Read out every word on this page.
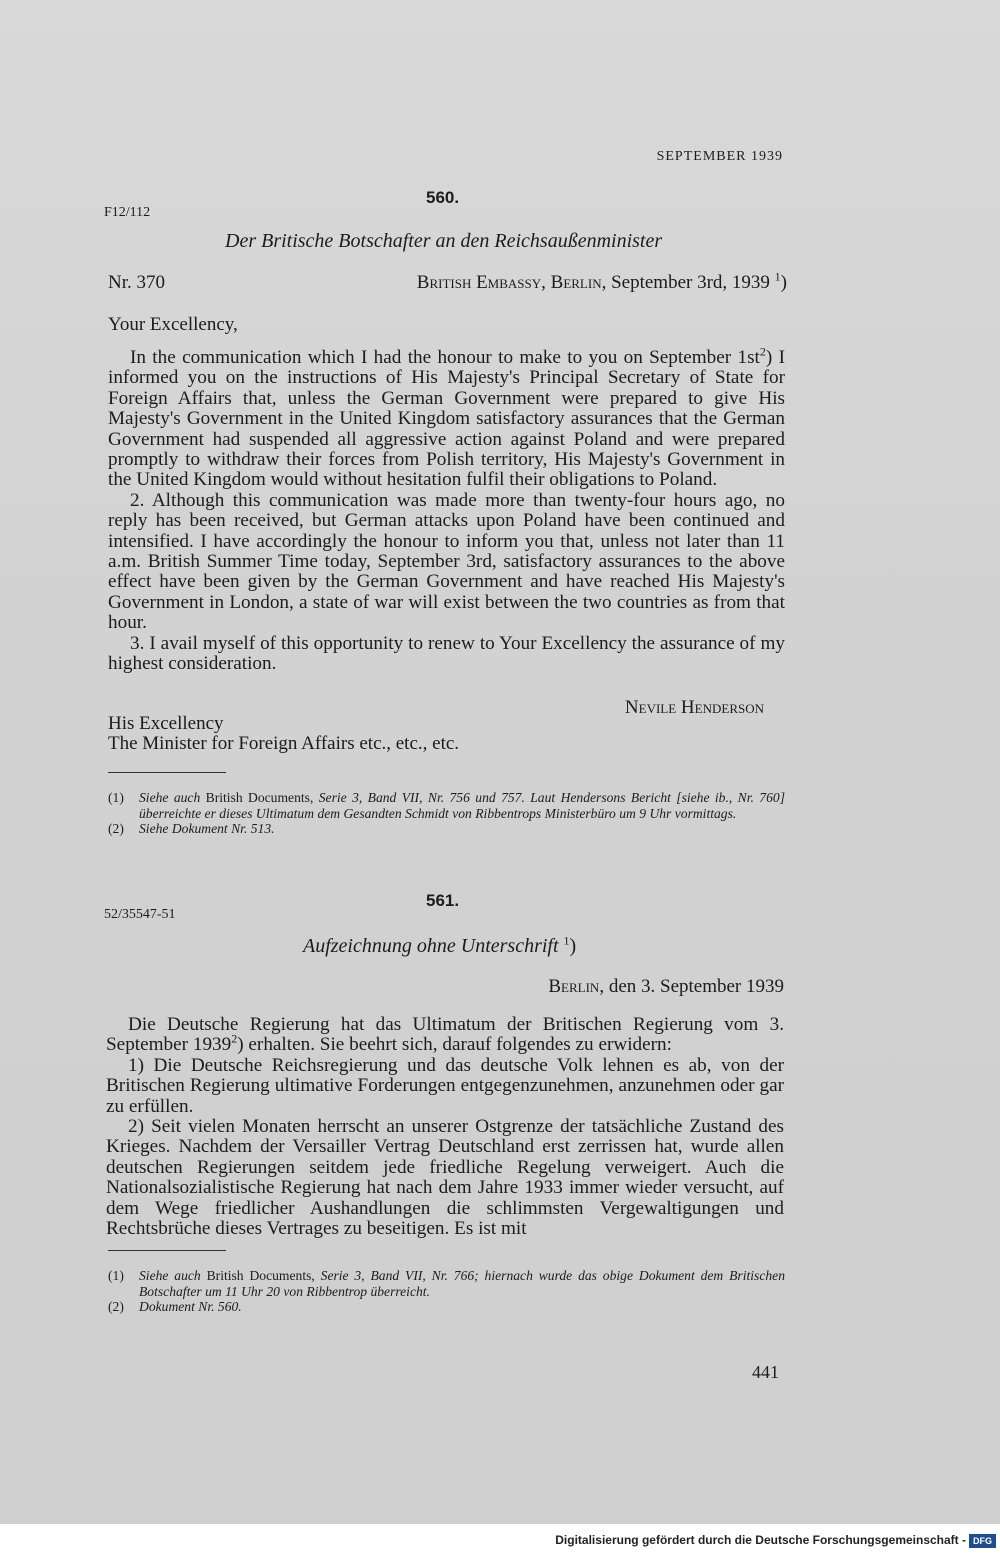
SEPTEMBER 1939
560.
F12/112
Der Britische Botschafter an den Reichsaußenminister
Nr. 370	British Embassy, Berlin, September 3rd, 1939 $^1$)
Your Excellency,

In the communication which I had the honour to make to you on September $1st^2$) I informed you on the instructions of His Majesty's Principal Secretary of State for Foreign Affairs that, unless the German Government were prepared to give His Majesty's Government in the United Kingdom satisfactory assurances that the German Government had suspended all aggressive action against Poland and were prepared promptly to withdraw their forces from Polish territory, His Majesty's Government in the United Kingdom would without hesitation fulfil their obligations to Poland.

2. Although this communication was made more than twenty-four hours ago, no reply has been received, but German attacks upon Poland have been continued and intensified. I have accordingly the honour to inform you that, unless not later than 11 a.m. British Summer Time today, September 3rd, satisfactory assurances to the above effect have been given by the German Government and have reached His Majesty's Government in London, a state of war will exist between the two countries as from that hour.

3. I avail myself of this opportunity to renew to Your Excellency the assurance of my highest consideration.

Nevile Henderson
His Excellency
The Minister for Foreign Affairs etc., etc., etc.
(1)	Siehe auch British Documents, Serie 3, Band VII, Nr. 756 und 757. Laut Hendersons Bericht [siehe ib., Nr. 760] überreichte er dieses Ultimatum dem Gesandten Schmidt von Ribbentrops Ministerbüro um 9 Uhr vormittags.
(2)	Siehe Dokument Nr. 513.
561.
52/35547-51
Aufzeichnung ohne Unterschrift $^1$)
Berlin, den 3. September 1939

Die Deutsche Regierung hat das Ultimatum der Britischen Regierung vom 3. September 1939$^2$) erhalten. Sie beehrt sich, darauf folgendes zu erwidern:

1) Die Deutsche Reichsregierung und das deutsche Volk lehnen es ab, von der Britischen Regierung ultimative Forderungen entgegenzunehmen, anzunehmen oder gar zu erfüllen.

2) Seit vielen Monaten herrscht an unserer Ostgrenze der tatsächliche Zustand des Krieges. Nachdem der Versailler Vertrag Deutschland erst zerrissen hat, wurde allen deutschen Regierungen seitdem jede friedliche Regelung verweigert. Auch die Nationalsozialistische Regierung hat nach dem Jahre 1933 immer wieder versucht, auf dem Wege friedlicher Aushandlungen die schlimmsten Vergewaltigungen und Rechtsbrüche dieses Vertrages zu beseitigen. Es ist mit

(1)	Siehe auch British Documents, Serie 3, Band VII, Nr. 766; hiernach wurde das obige Dokument dem Britischen Botschafter um 11 Uhr 20 von Ribbentrop überreicht.
(2)	Dokument Nr. 560.
441
Digitalisierung gefördert durch die Deutsche Forschungsgemeinschaft - DFG
